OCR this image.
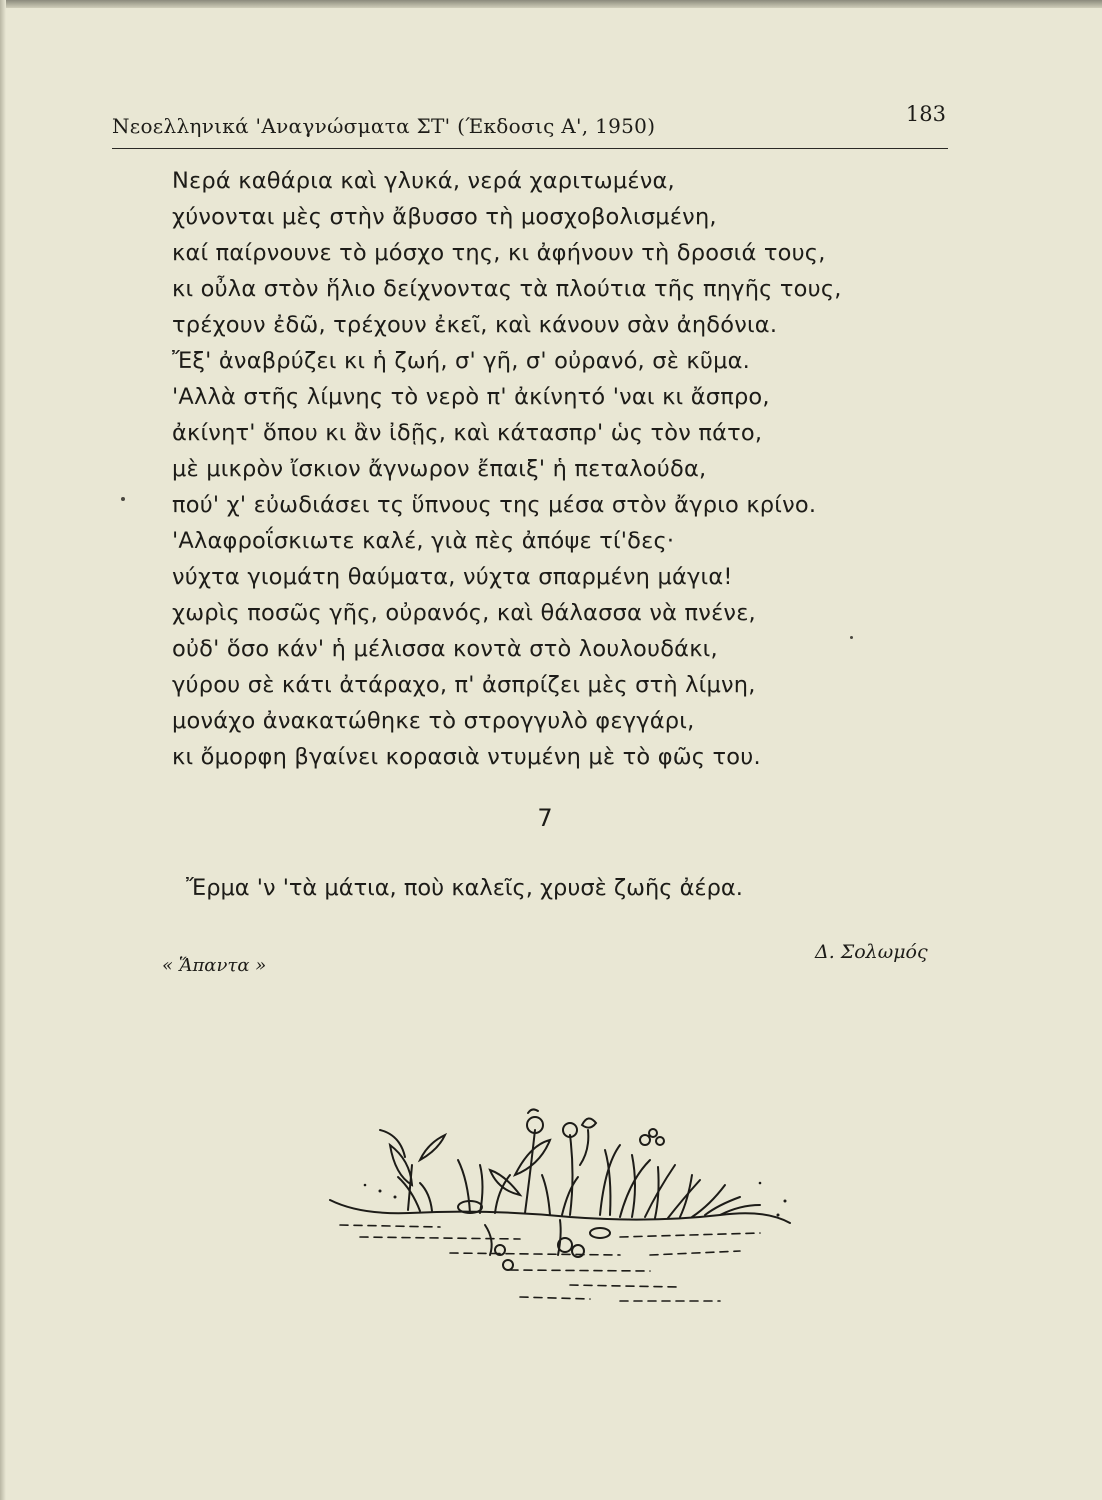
Νεοελληνικά 'Αναγνώσματα ΣΤ' (Έκδοσις Α', 1950)	183
Νερά καθάρια καὶ γλυκά, νερά χαριτωμένα,
χύνονται μὲς στὴν ἄβυσσο τὴ μοσχοβολισμένη,
καί παίρνουνε τὸ μόσχο της, κι ἀφήνουν τὴ δροσιά τους,
κι οὖλα στὸν ἥλιο δείχνοντας τὰ πλούτια τῆς πηγῆς τους,
τρέχουν ἐδῶ, τρέχουν ἐκεῖ, καὶ κάνουν σὰν ἀηδόνια.
Ἔξ' ἀναβρύζει κι ἡ ζωή, σ' γῆ, σ' οὐρανό, σὲ κῦμα.
'Αλλὰ στῆς λίμνης τὸ νερὸ π' ἀκίνητό 'ναι κι ἄσπρο,
ἀκίνητ' ὅπου κι ἂν ἰδῇς, καὶ κάτασπρ' ὡς τὸν πάτο,
μὲ μικρὸν ἴσκιον ἄγνωρον ἔπαιξ' ἡ πεταλούδα,
πού' χ' εὐωδιάσει τς ὕπνους της μέσα στὸν ἄγριο κρίνο.
'Αλαφροΐσκιωτε καλέ, γιὰ πὲς ἀπόψε τί'δες·
νύχτα γιομάτη θαύματα, νύχτα σπαρμένη μάγια!
χωρὶς ποσῶς γῆς, οὐρανός, καὶ θάλασσα νὰ πνένε,
οὐδ' ὅσο κάν' ἡ μέλισσα κοντὰ στὸ λουλουδάκι,
γύρου σὲ κάτι ἀτάραχο, π' ἀσπρίζει μὲς στὴ λίμνη,
μονάχο ἀνακατώθηκε τὸ στρογγυλὸ φεγγάρι,
κι ὄμορφη βγαίνει κορασιὰ ντυμένη μὲ τὸ φῶς του.
7
Ἔρμα 'ν 'τὰ μάτια, ποὺ καλεῖς, χρυσὲ ζωῆς ἀέρα.
« Ἅπαντα »
Δ. Σολωμός
